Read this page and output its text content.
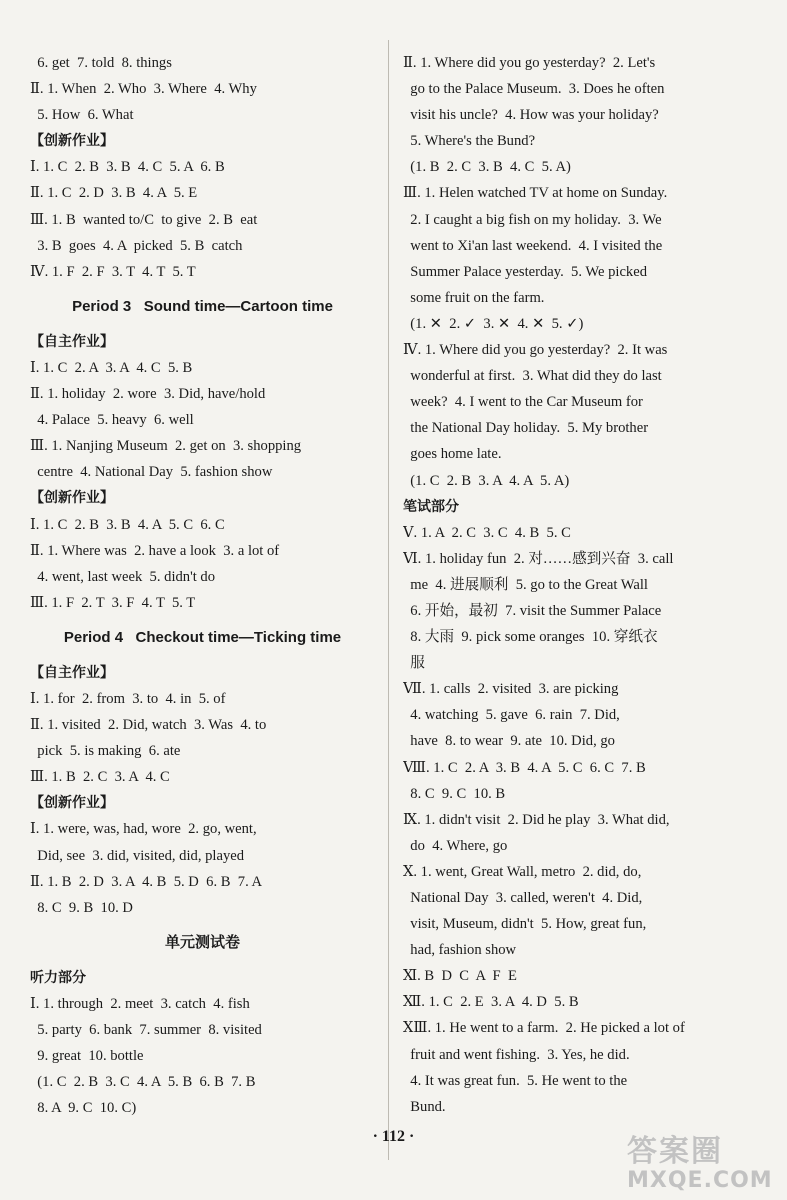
6. get  7. told  8. things
Ⅱ. 1. When  2. Who  3. Where  4. Why
5. How  6. What
【创新作业】
Ⅰ. 1. C  2. B  3. B  4. C  5. A  6. B
Ⅱ. 1. C  2. D  3. B  4. A  5. E
Ⅲ. 1. B  wanted to/C  to give  2. B  eat
3. B  goes  4. A  picked  5. B  catch
Ⅳ. 1. F  2. F  3. T  4. T  5. T
Period 3   Sound time—Cartoon time
【自主作业】
Ⅰ. 1. C  2. A  3. A  4. C  5. B
Ⅱ. 1. holiday  2. wore  3. Did, have/hold
4. Palace  5. heavy  6. well
Ⅲ. 1. Nanjing Museum  2. get on  3. shopping
centre  4. National Day  5. fashion show
【创新作业】
Ⅰ. 1. C  2. B  3. B  4. A  5. C  6. C
Ⅱ. 1. Where was  2. have a look  3. a lot of
4. went, last week  5. didn't do
Ⅲ. 1. F  2. T  3. F  4. T  5. T
Period 4   Checkout time—Ticking time
【自主作业】
Ⅰ. 1. for  2. from  3. to  4. in  5. of
Ⅱ. 1. visited  2. Did, watch  3. Was  4. to
pick  5. is making  6. ate
Ⅲ. 1. B  2. C  3. A  4. C
【创新作业】
Ⅰ. 1. were, was, had, wore  2. go, went,
Did, see  3. did, visited, did, played
Ⅱ. 1. B  2. D  3. A  4. B  5. D  6. B  7. A
8. C  9. B  10. D
单元测试卷
听力部分
Ⅰ. 1. through  2. meet  3. catch  4. fish
5. party  6. bank  7. summer  8. visited
9. great  10. bottle
(1. C  2. B  3. C  4. A  5. B  6. B  7. B
8. A  9. C  10. C)
Ⅱ. 1. Where did you go yesterday?  2. Let's
go to the Palace Museum.  3. Does he often
visit his uncle?  4. How was your holiday?
5. Where's the Bund?
(1. B  2. C  3. B  4. C  5. A)
Ⅲ. 1. Helen watched TV at home on Sunday.
2. I caught a big fish on my holiday.  3. We
went to Xi'an last weekend.  4. I visited the
Summer Palace yesterday.  5. We picked
some fruit on the farm.
(1. ✕  2. ✓  3. ✕  4. ✕  5. ✓)
Ⅳ. 1. Where did you go yesterday?  2. It was
wonderful at first.  3. What did they do last
week?  4. I went to the Car Museum for
the National Day holiday.  5. My brother
goes home late.
(1. C  2. B  3. A  4. A  5. A)
笔试部分
Ⅴ. 1. A  2. C  3. C  4. B  5. C
Ⅵ. 1. holiday fun  2. 对……感到兴奋  3. call
me  4. 进展顺利  5. go to the Great Wall
6. 开始，最初  7. visit the Summer Palace
8. 大雨  9. pick some oranges  10. 穿纸衣
服
Ⅶ. 1. calls  2. visited  3. are picking
4. watching  5. gave  6. rain  7. Did,
have  8. to wear  9. ate  10. Did, go
Ⅷ. 1. C  2. A  3. B  4. A  5. C  6. C  7. B
8. C  9. C  10. B
Ⅸ. 1. didn't visit  2. Did he play  3. What did,
do  4. Where, go
Ⅹ. 1. went, Great Wall, metro  2. did, do,
National Day  3. called, weren't  4. Did,
visit, Museum, didn't  5. How, great fun,
had, fashion show
Ⅺ. B  D  C  A  F  E
Ⅻ. 1. C  2. E  3. A  4. D  5. B
ⅩⅢ. 1. He went to a farm.  2. He picked a lot of
fruit and went fishing.  3. Yes, he did.
4. It was great fun.  5. He went to the
Bund.
· 112 ·	答案圈
MXQE.COM
